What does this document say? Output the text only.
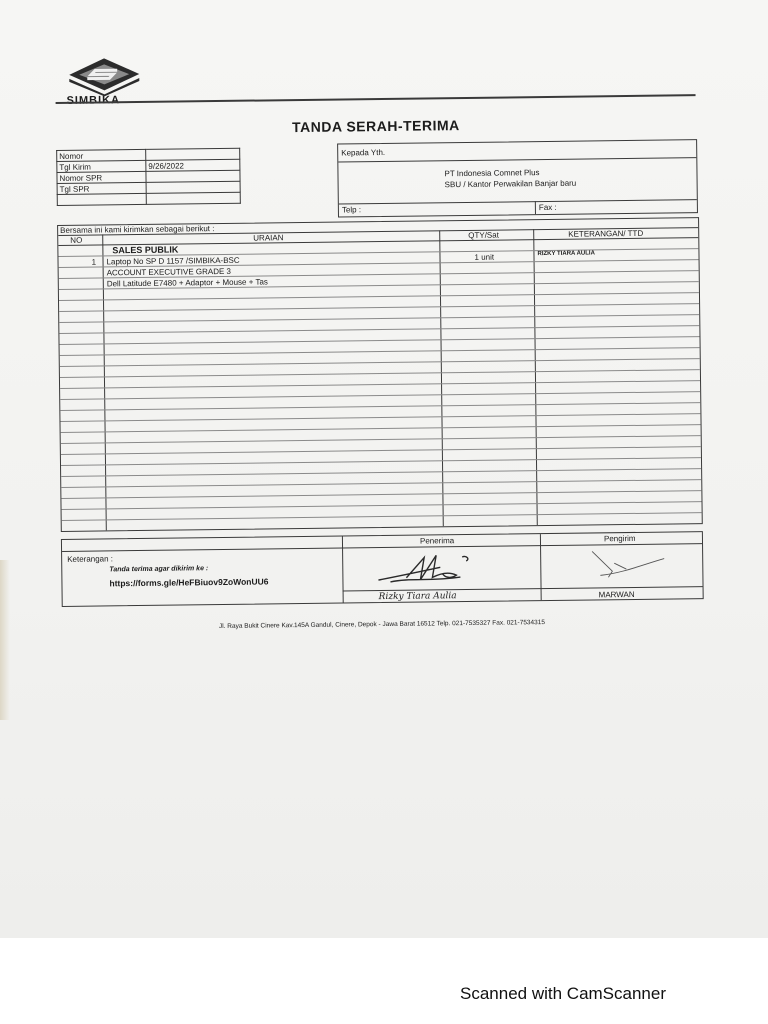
SIMBIKA
TANDA SERAH-TERIMA
Nomor	
Tgl Kirim	9/26/2022
Nomor SPR	
Tgl SPR	

Kepada Yth.
PT Indonesia Comnet Plus
SBU / Kantor Perwakilan Banjar baru
Telp :	Fax :
Bersama ini kami kirimkan sebagai berikut :
NO	URAIAN	QTY/Sat	KETERANGAN/ TTD
SALES PUBLIK
1 Laptop No SP D 1157 /SIMBIKA-BSC	1 unit	RIZKY TIARA AULIA
ACCOUNT EXECUTIVE GRADE 3
Dell Latitude E7480 + Adaptor + Mouse + Tas
Keterangan :
Tanda terima agar dikirim ke :
https://forms.gle/HeFBiuov9ZoWonUU6
Penerima	Pengirim
Rizky Tiara Aulia	MARWAN
Jl. Raya Bukit Cinere Kav.145A Gandul, Cinere, Depok - Jawa Barat 16512 Telp. 021-7535327 Fax. 021-7534315
Scanned with CamScanner
